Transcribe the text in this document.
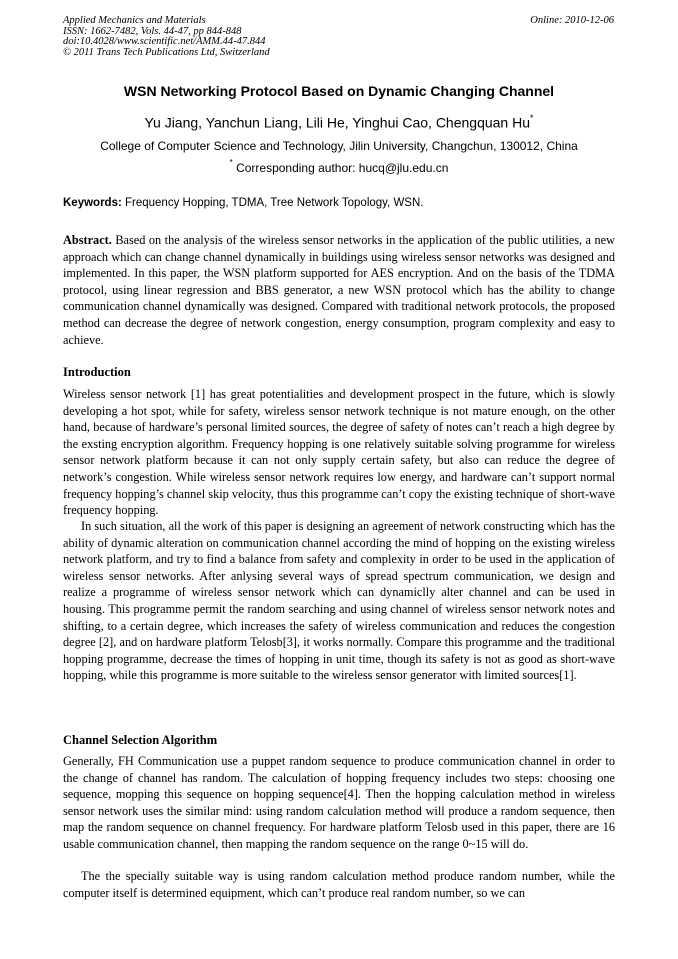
Applied Mechanics and Materials
ISSN: 1662-7482, Vols. 44-47, pp 844-848
doi:10.4028/www.scientific.net/AMM.44-47.844
© 2011 Trans Tech Publications Ltd, Switzerland
Online: 2010-12-06
WSN Networking Protocol Based on Dynamic Changing Channel
Yu Jiang, Yanchun Liang, Lili He, Yinghui Cao, Chengquan Hu*
College of Computer Science and Technology, Jilin University, Changchun, 130012, China
* Corresponding author: hucq@jlu.edu.cn
Keywords: Frequency Hopping, TDMA, Tree Network Topology, WSN.

Abstract. Based on the analysis of the wireless sensor networks in the application of the public utilities, a new approach which can change channel dynamically in buildings using wireless sensor networks was designed and implemented. In this paper, the WSN platform supported for AES encryption. And on the basis of the TDMA protocol, using linear regression and BBS generator, a new WSN protocol which has the ability to change communication channel dynamically was designed. Compared with traditional network protocols, the proposed method can decrease the degree of network congestion, energy consumption, program complexity and easy to achieve.

Introduction

Wireless sensor network [1] has great potentialities and development prospect in the future, which is slowly developing a hot spot, while for safety, wireless sensor network technique is not mature enough, on the other hand, because of hardware’s personal limited sources, the degree of safety of notes can’t reach a high degree by the exsting encryption algorithm. Frequency hopping is one relatively suitable solving programme for wireless sensor network platform because it can not only supply certain safety, but also can reduce the degree of network’s congestion. While wireless sensor network requires low energy, and hardware can’t support normal frequency hopping’s channel skip velocity, thus this programme can’t copy the existing technique of short-wave frequency hopping.

In such situation, all the work of this paper is designing an agreement of network constructing which has the ability of dynamic alteration on communication channel according the mind of hopping on the existing wireless network platform, and try to find a balance from safety and complexity in order to be used in the application of wireless sensor networks. After anlysing several ways of spread spectrum communication, we design and realize a programme of wireless sensor network which can dynamiclly alter channel and can be used in housing. This programme permit the random searching and using channel of wireless sensor network notes and shifting, to a certain degree, which increases the safety of wireless communication and reduces the congestion degree [2], and on hardware platform Telosb[3], it works normally. Compare this programme and the traditional hopping programme, decrease the times of hopping in unit time, though its safety is not as good as short-wave hopping, while this programme is more suitable to the wireless sensor generator with limited sources[1].

Channel Selection Algorithm

Generally, FH Communication use a puppet random sequence to produce communication channel in order to the change of channel has random. The calculation of hopping frequency includes two steps: choosing one sequence, mopping this sequence on hopping sequence[4]. Then the hopping calculation method in wireless sensor network uses the similar mind: using random calculation method will produce a random sequence, then map the random sequence on channel frequency. For hardware platform Telosb used in this paper, there are 16 usable communication channel, then mapping the random sequence on the range 0~15 will do.

The the specially suitable way is using random calculation method produce random number, while the computer itself is determined equipment, which can’t produce real random number, so we can
